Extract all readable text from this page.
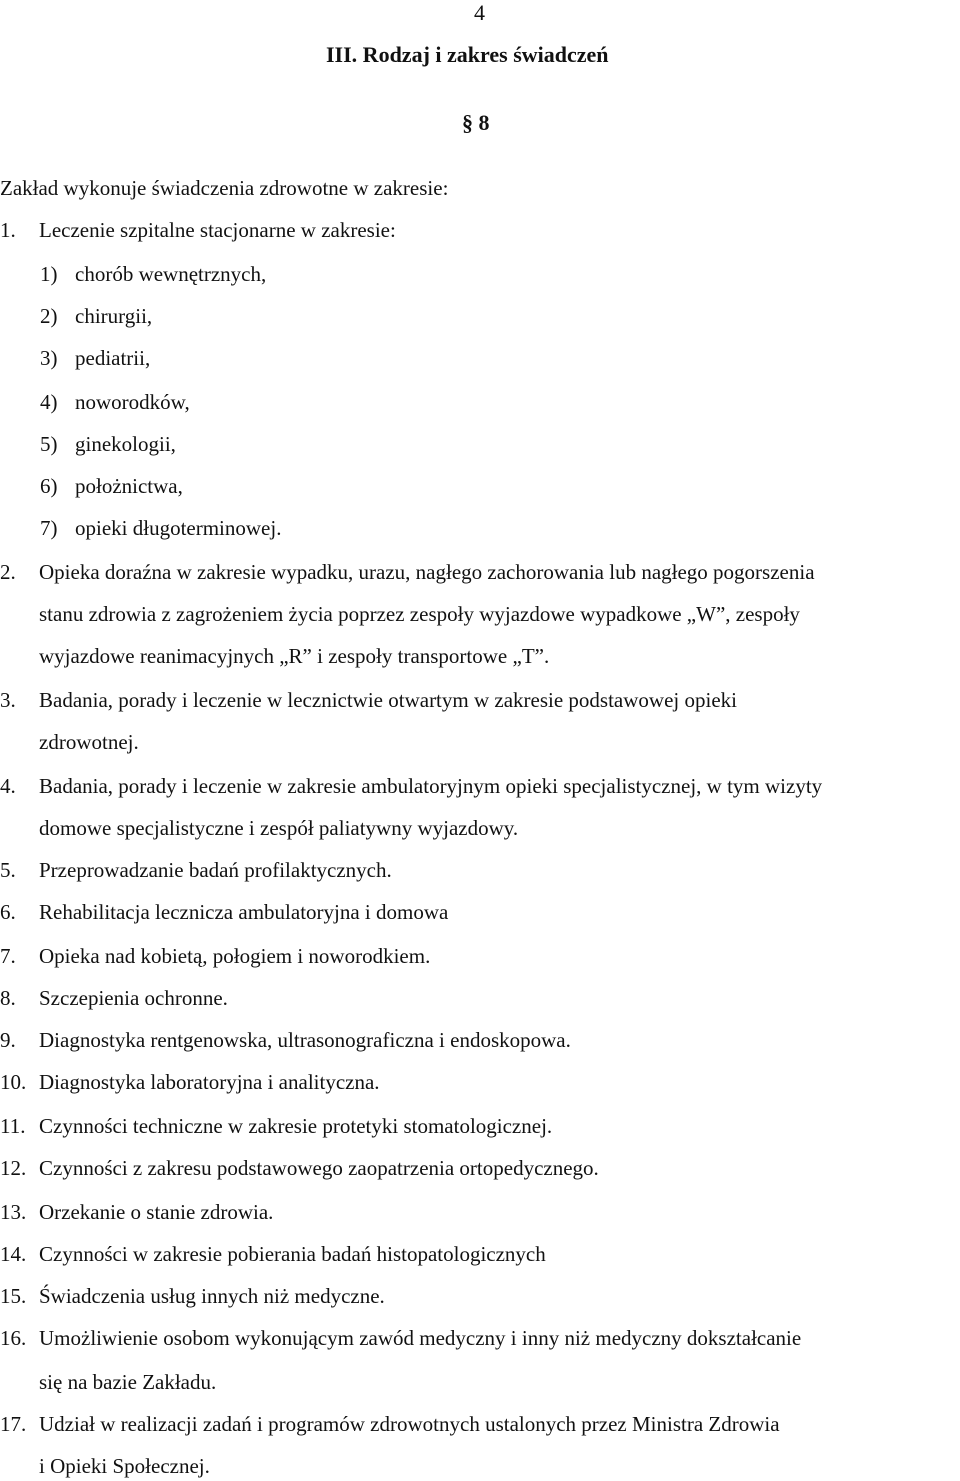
4
III. Rodzaj i zakres świadczeń
§ 8
Zakład wykonuje świadczenia zdrowotne w zakresie:
1. Leczenie szpitalne stacjonarne w zakresie:
1) chorób wewnętrznych,
2) chirurgii,
3) pediatrii,
4) noworodków,
5) ginekologii,
6) położnictwa,
7) opieki długoterminowej.
2. Opieka doraźna w zakresie wypadku, urazu, nagłego zachorowania lub nagłego pogorszenia
stanu zdrowia z zagrożeniem życia poprzez zespoły wyjazdowe wypadkowe „W”, zespoły
wyjazdowe reanimacyjnych „R” i zespoły transportowe „T”.
3. Badania, porady i leczenie w lecznictwie otwartym w zakresie podstawowej opieki
zdrowotnej.
4. Badania, porady i leczenie w zakresie ambulatoryjnym opieki specjalistycznej, w tym wizyty
domowe specjalistyczne i zespół paliatywny wyjazdowy.
5. Przeprowadzanie badań profilaktycznych.
6. Rehabilitacja lecznicza ambulatoryjna i domowa
7. Opieka nad kobietą, połogiem i noworodkiem.
8. Szczepienia ochronne.
9. Diagnostyka rentgenowska, ultrasonograficzna i endoskopowa.
10. Diagnostyka laboratoryjna i analityczna.
11. Czynności techniczne w zakresie protetyki stomatologicznej.
12. Czynności z zakresu podstawowego zaopatrzenia ortopedycznego.
13. Orzekanie o stanie zdrowia.
14. Czynności w zakresie pobierania badań histopatologicznych
15. Świadczenia usług innych niż medyczne.
16. Umożliwienie osobom wykonującym zawód medyczny i inny niż medyczny dokształcanie
się na bazie Zakładu.
17. Udział w realizacji zadań i programów zdrowotnych ustalonych przez Ministra Zdrowia
i Opieki Społecznej.
